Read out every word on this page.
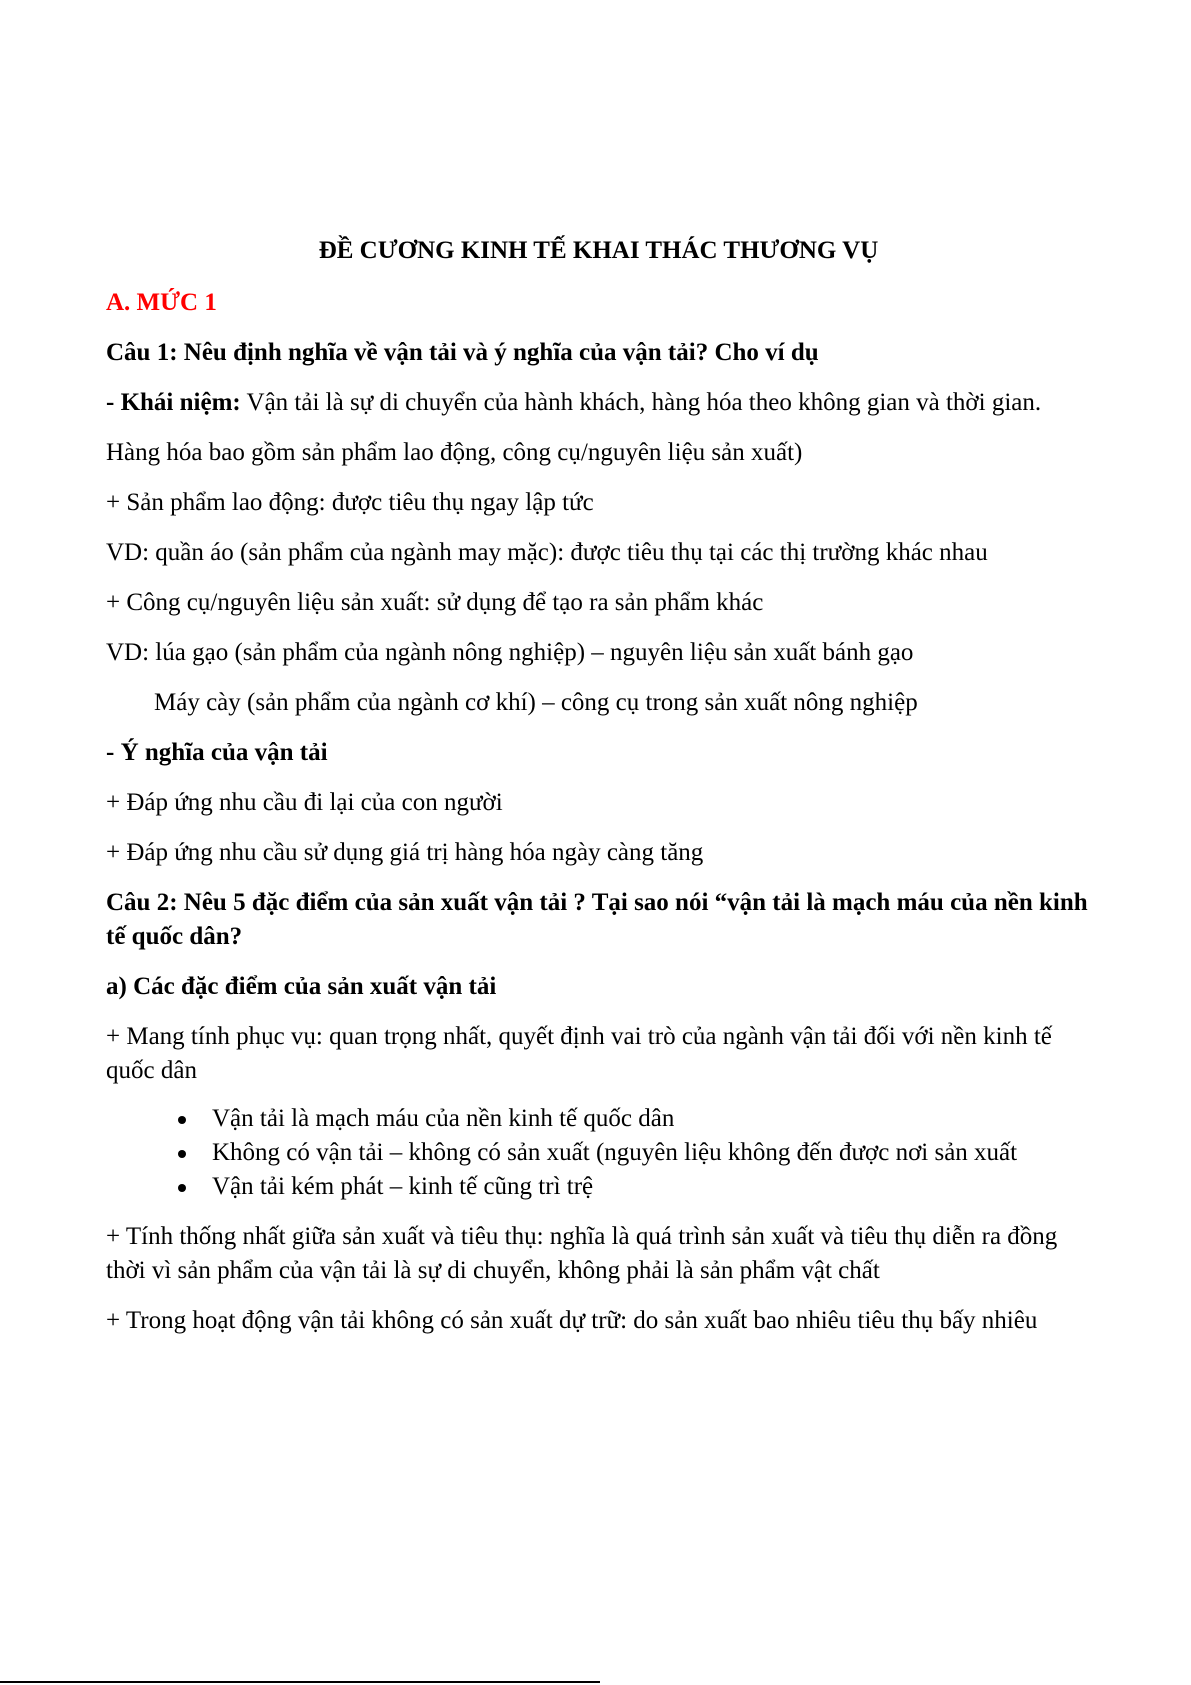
ĐỀ CƯƠNG KINH TẾ KHAI THÁC THƯƠNG VỤ

A. MỨC 1

Câu 1: Nêu định nghĩa về vận tải và ý nghĩa của vận tải? Cho ví dụ

- Khái niệm: Vận tải là sự di chuyển của hành khách, hàng hóa theo không gian và thời gian.

Hàng hóa bao gồm sản phẩm lao động, công cụ/nguyên liệu sản xuất)

+ Sản phẩm lao động: được tiêu thụ ngay lập tức

VD: quần áo (sản phẩm của ngành may mặc): được tiêu thụ tại các thị trường khác nhau

+ Công cụ/nguyên liệu sản xuất: sử dụng để tạo ra sản phẩm khác

VD: lúa gạo (sản phẩm của ngành nông nghiệp) – nguyên liệu sản xuất bánh gạo

Máy cày (sản phẩm của ngành cơ khí) – công cụ trong sản xuất nông nghiệp

- Ý nghĩa của vận tải

+ Đáp ứng nhu cầu đi lại của con người

+ Đáp ứng nhu cầu sử dụng giá trị hàng hóa ngày càng tăng

Câu 2: Nêu 5 đặc điểm của sản xuất vận tải ? Tại sao nói “vận tải là mạch máu của nền kinh tế quốc dân?

a) Các đặc điểm của sản xuất vận tải

+ Mang tính phục vụ: quan trọng nhất, quyết định vai trò của ngành vận tải đối với nền kinh tế quốc dân

Vận tải là mạch máu của nền kinh tế quốc dân
Không có vận tải – không có sản xuất (nguyên liệu không đến được nơi sản xuất
Vận tải kém phát – kinh tế cũng trì trệ

+ Tính thống nhất giữa sản xuất và tiêu thụ: nghĩa là quá trình sản xuất và tiêu thụ diễn ra đồng thời vì sản phẩm của vận tải là sự di chuyển, không phải là sản phẩm vật chất

+ Trong hoạt động vận tải không có sản xuất dự trữ: do sản xuất bao nhiêu tiêu thụ bấy nhiêu
